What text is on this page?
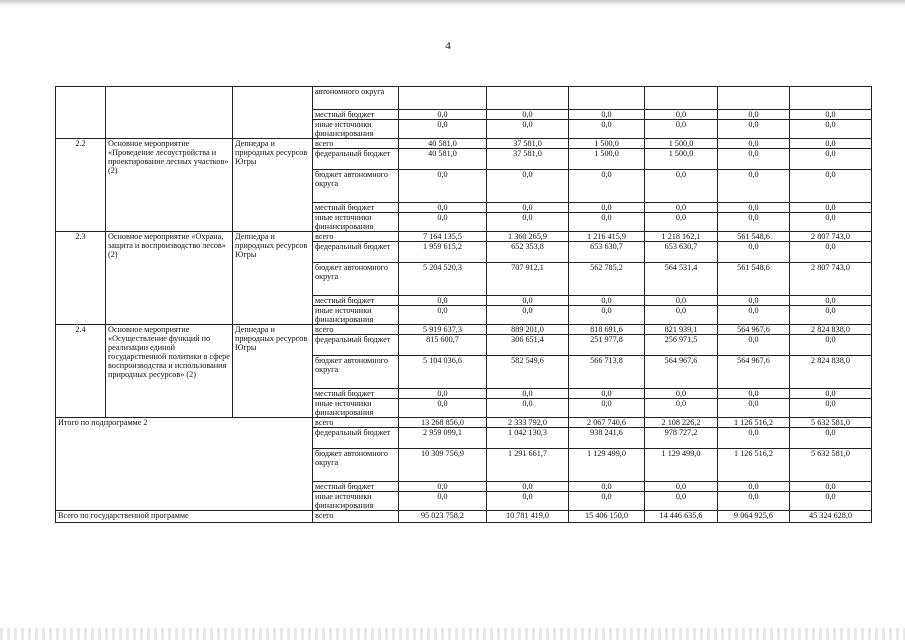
4
			автономного округа						
			местный бюджет	0,0	0,0	0,0	0,0	0,0	0,0
			иные источники финансирования	0,0	0,0	0,0	0,0	0,0	0,0
2.2	Основное мероприятие «Проведение лесоустройства и проектирование лесных участков» (2)	Депнедра и природных ресурсов Югры	всего	40 581,0	37 581,0	1 500,0	1 500,0	0,0	0,0
			федеральный бюджет	40 581,0	37 581,0	1 500,0	1 500,0	0,0	0,0
			бюджет автономного округа	0,0	0,0	0,0	0,0	0,0	0,0
			местный бюджет	0,0	0,0	0,0	0,0	0,0	0,0
			иные источники финансирования	0,0	0,0	0,0	0,0	0,0	0,0
2.3	Основное мероприятие «Охрана, защита и воспроизводство лесов» (2)	Депнедра и природных ресурсов Югры	всего	7 164 135,5	1 360 265,9	1 216 415,9	1 218 162,1	561 548,6	2 807 743,0
			федеральный бюджет	1 959 615,2	652 353,8	653 630,7	653 630,7	0,0	0,0
			бюджет автономного округа	5 204 520,3	707 912,1	562 785,2	564 531,4	561 548,6	2 807 743,0
			местный бюджет	0,0	0,0	0,0	0,0	0,0	0,0
			иные источники финансирования	0,0	0,0	0,0	0,0	0,0	0,0
2.4	Основное мероприятие «Осуществление функций по реализации единой государственной политики в сфере воспроизводства и использования природных ресурсов» (2)	Депнедра и природных ресурсов Югры	всего	5 919 637,3	889 201,0	818 691,6	821 939,1	564 967,6	2 824 838,0
			федеральный бюджет	815 600,7	306 651,4	251 977,8	256 971,5	0,0	0,0
			бюджет автономного округа	5 104 036,6	582 549,6	566 713,8	564 967,6	564 967,6	2 824 838,0
			местный бюджет	0,0	0,0	0,0	0,0	0,0	0,0
			иные источники финансирования	0,0	0,0	0,0	0,0	0,0	0,0
Итого по подпрограмме 2			всего	13 268 856,0	2 333 792,0	2 067 740,6	2 108 226,2	1 126 516,2	5 632 581,0
			федеральный бюджет	2 959 099,1	1 042 130,3	938 241,6	978 727,2	0,0	0,0
			бюджет автономного округа	10 309 756,9	1 291 661,7	1 129 499,0	1 129 499,0	1 126 516,2	5 632 581,0
			местный бюджет	0,0	0,0	0,0	0,0	0,0	0,0
			иные источники финансирования	0,0	0,0	0,0	0,0	0,0	0,0
Всего по государственной программе			всего	95 023 758,2	10 781 419,0	15 406 150,0	14 446 635,6	9 064 925,6	45 324 628,0
